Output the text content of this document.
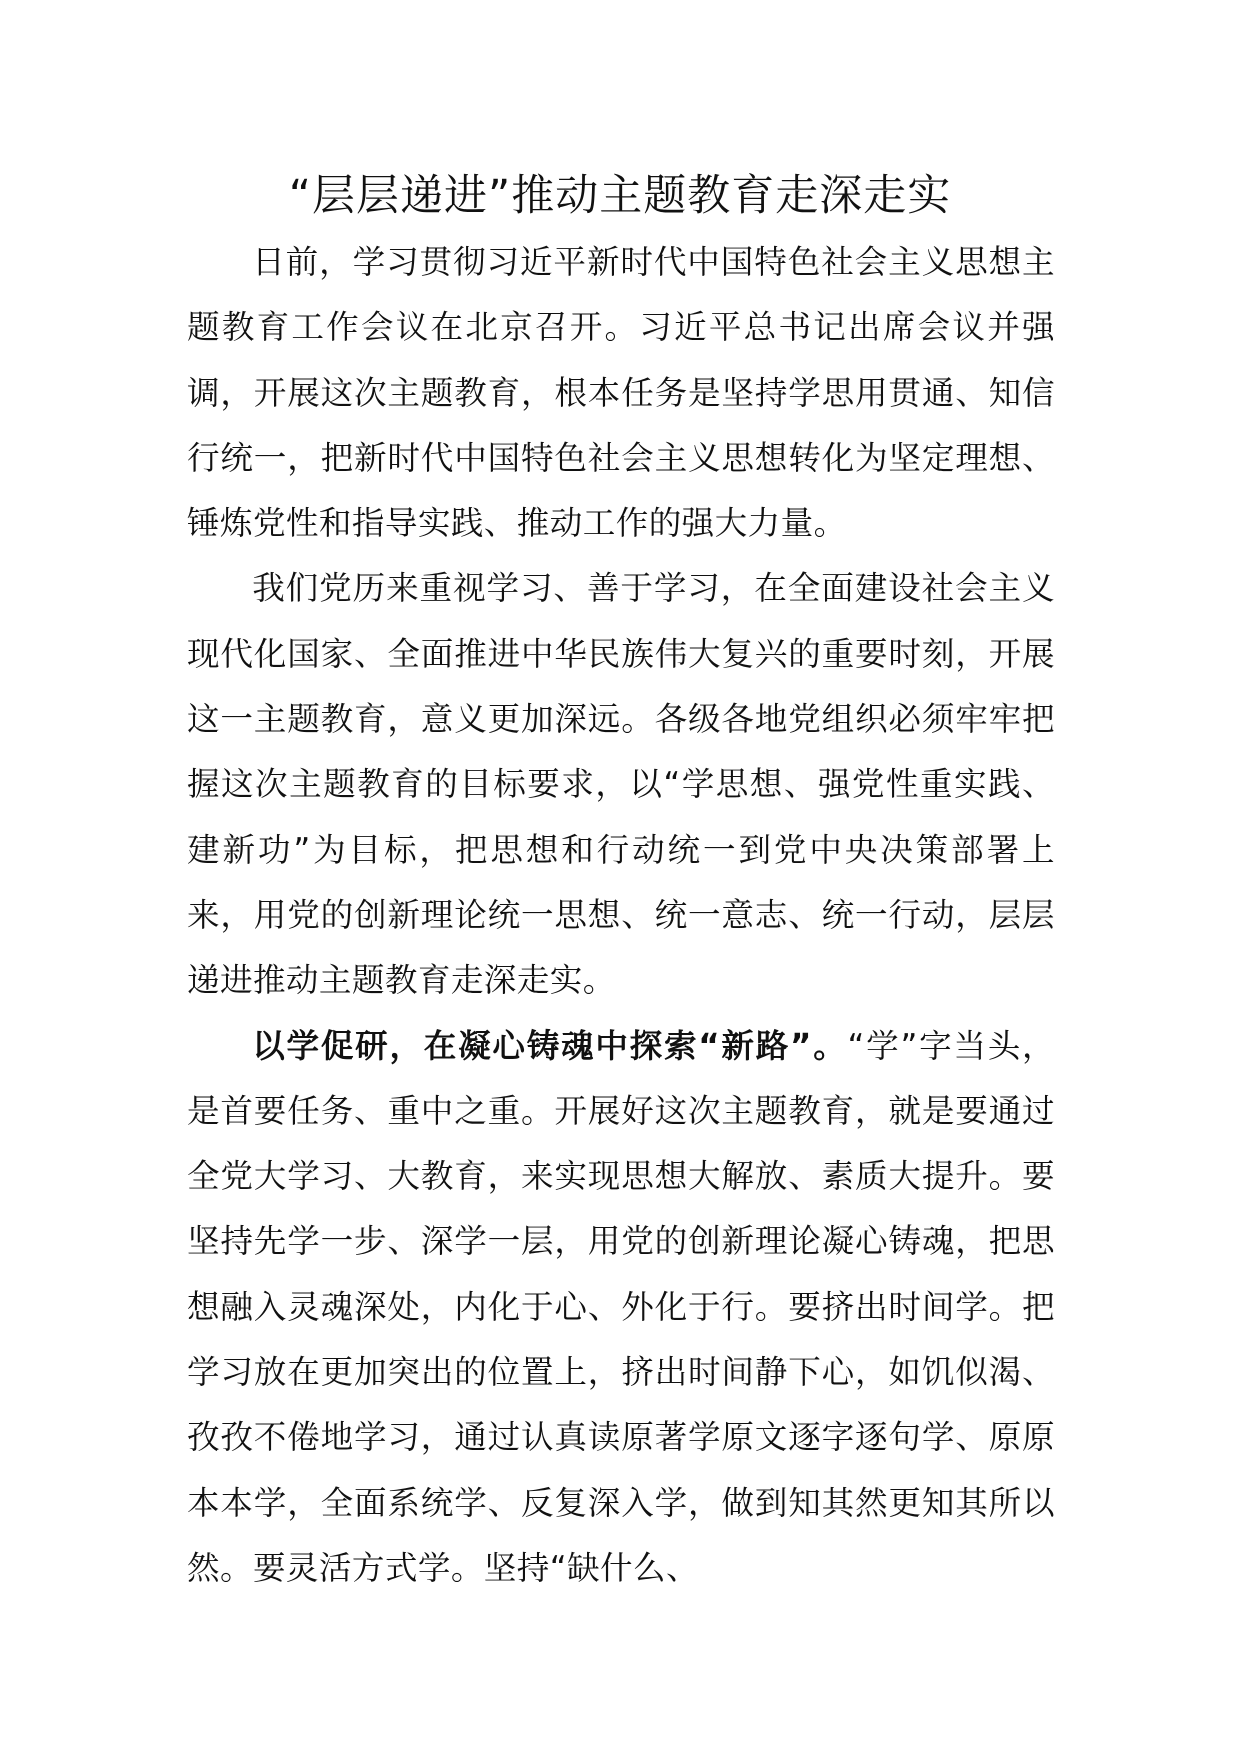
“层层递进”推动主题教育走深走实

日前，学习贯彻习近平新时代中国特色社会主义思想主题教育工作会议在北京召开。习近平总书记出席会议并强调，开展这次主题教育，根本任务是坚持学思用贯通、知信行统一，把新时代中国特色社会主义思想转化为坚定理想、锤炼党性和指导实践、推动工作的强大力量。

我们党历来重视学习、善于学习，在全面建设社会主义现代化国家、全面推进中华民族伟大复兴的重要时刻，开展这一主题教育，意义更加深远。各级各地党组织必须牢牢把握这次主题教育的目标要求，以“学思想、强党性重实践、建新功”为目标，把思想和行动统一到党中央决策部署上来，用党的创新理论统一思想、统一意志、统一行动，层层递进推动主题教育走深走实。

以学促研，在凝心铸魂中探索“新路”。“学”字当头，是首要任务、重中之重。开展好这次主题教育，就是要通过全党大学习、大教育，来实现思想大解放、素质大提升。要坚持先学一步、深学一层，用党的创新理论凝心铸魂，把思想融入灵魂深处，内化于心、外化于行。要挤出时间学。把学习放在更加突出的位置上，挤出时间静下心，如饥似渴、孜孜不倦地学习，通过认真读原著学原文逐字逐句学、原原本本学，全面系统学、反复深入学，做到知其然更知其所以然。要灵活方式学。坚持“缺什么、
